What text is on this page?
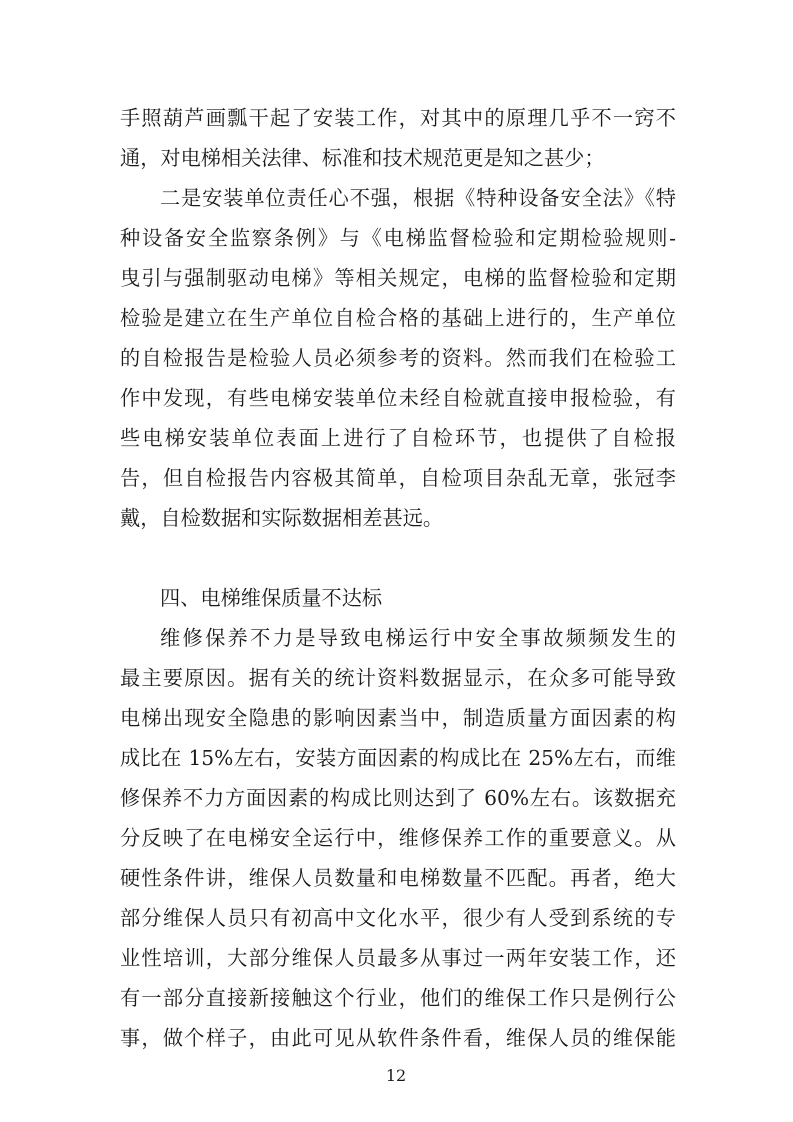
手照葫芦画瓢干起了安装工作，对其中的原理几乎不一窍不
通，对电梯相关法律、标准和技术规范更是知之甚少；
二是安装单位责任心不强，根据《特种设备安全法》《特
种设备安全监察条例》与《电梯监督检验和定期检验规则-
曳引与强制驱动电梯》等相关规定，电梯的监督检验和定期
检验是建立在生产单位自检合格的基础上进行的，生产单位
的自检报告是检验人员必须参考的资料。然而我们在检验工
作中发现，有些电梯安装单位未经自检就直接申报检验，有
些电梯安装单位表面上进行了自检环节，也提供了自检报
告，但自检报告内容极其简单，自检项目杂乱无章，张冠李
戴，自检数据和实际数据相差甚远。
四、电梯维保质量不达标
维修保养不力是导致电梯运行中安全事故频频发生的
最主要原因。据有关的统计资料数据显示，在众多可能导致
电梯出现安全隐患的影响因素当中，制造质量方面因素的构
成比在 15%左右，安装方面因素的构成比在 25%左右，而维
修保养不力方面因素的构成比则达到了 60%左右。该数据充
分反映了在电梯安全运行中，维修保养工作的重要意义。从
硬性条件讲，维保人员数量和电梯数量不匹配。再者，绝大
部分维保人员只有初高中文化水平，很少有人受到系统的专
业性培训，大部分维保人员最多从事过一两年安装工作，还
有一部分直接新接触这个行业，他们的维保工作只是例行公
事，做个样子，由此可见从软件条件看，维保人员的维保能
12
